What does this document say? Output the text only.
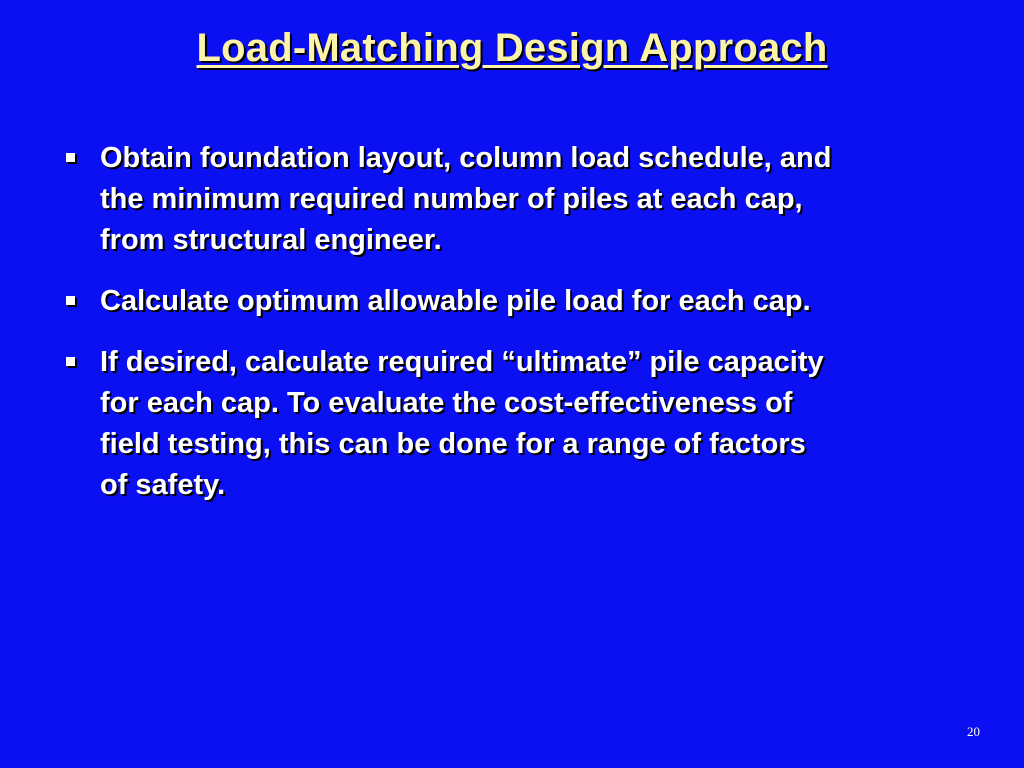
Load-Matching Design Approach
Obtain foundation layout, column load schedule, and
the minimum required number of piles at each cap,
from structural engineer.
Calculate optimum allowable pile load for each cap.
If desired, calculate required “ultimate” pile capacity
for each cap. To evaluate the cost-effectiveness of
field testing, this can be done for a range of factors
of safety.
20
